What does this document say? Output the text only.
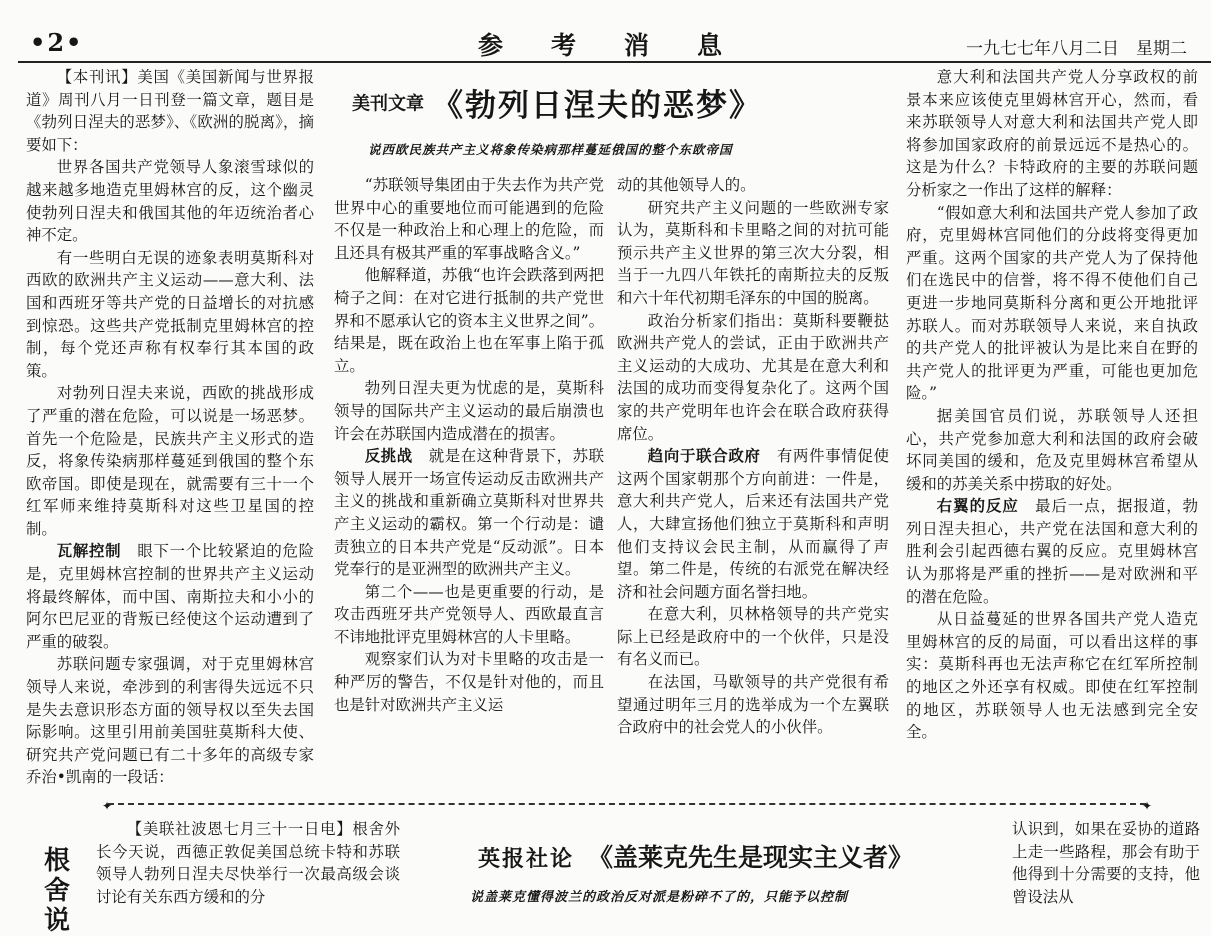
•2•	参考消息	一九七七年八月二日　星期二
美刊文章 《勃列日涅夫的恶梦》
说西欧民族共产主义将象传染病那样蔓延俄国的整个东欧帝国

【本刊讯】美国《美国新闻与世界报道》周刊八月一日刊登一篇文章，题目是《勃列日涅夫的恶梦》、《欧洲的脱离》，摘要如下：

世界各国共产党领导人象滚雪球似的越来越多地造克里姆林宫的反，这个幽灵使勃列日涅夫和俄国其他的年迈统治者心神不定。

有一些明白无误的迹象表明莫斯科对西欧的欧洲共产主义运动——意大利、法国和西班牙等共产党的日益增长的对抗感到惊恐。这些共产党抵制克里姆林宫的控制，每个党还声称有权奉行其本国的政策。

对勃列日涅夫来说，西欧的挑战形成了严重的潜在危险，可以说是一场恶梦。首先一个危险是，民族共产主义形式的造反，将象传染病那样蔓延到俄国的整个东欧帝国。即使是现在，就需要有三十一个红军师来维持莫斯科对这些卫星国的控制。

瓦解控制　 眼下一个比较紧迫的危险是，克里姆林宫控制的世界共产主义运动将最终解体，而中国、南斯拉夫和小小的阿尔巴尼亚的背叛已经使这个运动遭到了严重的破裂。

苏联问题专家强调，对于克里姆林宫领导人来说，牵涉到的利害得失远远不只是失去意识形态方面的领导权以至失去国际影响。这里引用前美国驻莫斯科大使、研究共产党问题已有二十多年的高级专家乔治•凯南的一段话：

“苏联领导集团由于失去作为共产党世界中心的重要地位而可能遇到的危险不仅是一种政治上和心理上的危险，而且还具有极其严重的军事战略含义。”

他解释道，苏俄“也许会跌落到两把椅子之间：在对它进行抵制的共产党世界和不愿承认它的资本主义世界之间”。结果是，既在政治上也在军事上陷于孤立。

勃列日涅夫更为忧虑的是，莫斯科领导的国际共产主义运动的最后崩溃也许会在苏联国内造成潜在的损害。

反挑战　 就是在这种背景下，苏联领导人展开一场宣传运动反击欧洲共产主义的挑战和重新确立莫斯科对世界共产主义运动的霸权。第一个行动是：谴责独立的日本共产党是“反动派”。日本党奉行的是亚洲型的欧洲共产主义。

第二个——也是更重要的行动，是攻击西班牙共产党领导人、西欧最直言不讳地批评克里姆林宫的人卡里略。

观察家们认为对卡里略的攻击是一种严厉的警告，不仅是针对他的，而且也是针对欧洲共产主义运

动的其他领导人的。

研究共产主义问题的一些欧洲专家认为，莫斯科和卡里略之间的对抗可能预示共产主义世界的第三次大分裂，相当于一九四八年铁托的南斯拉夫的反叛和六十年代初期毛泽东的中国的脱离。

政治分析家们指出：莫斯科要鞭挞欧洲共产党人的尝试，正由于欧洲共产主义运动的大成功、尤其是在意大利和法国的成功而变得复杂化了。这两个国家的共产党明年也许会在联合政府获得席位。

趋向于联合政府　 有两件事情促使这两个国家朝那个方向前进：一件是，意大利共产党人，后来还有法国共产党人，大肆宣扬他们独立于莫斯科和声明他们支持议会民主制，从而赢得了声望。第二件是，传统的右派党在解决经济和社会问题方面名誉扫地。

在意大利，贝林格领导的共产党实际上已经是政府中的一个伙伴，只是没有名义而已。

在法国，马歇领导的共产党很有希望通过明年三月的选举成为一个左翼联合政府中的社会党人的小伙伴。

意大利和法国共产党人分享政权的前景本来应该使克里姆林宫开心，然而，看来苏联领导人对意大利和法国共产党人即将参加国家政府的前景远远不是热心的。这是为什么？卡特政府的主要的苏联问题分析家之一作出了这样的解释：

“假如意大利和法国共产党人参加了政府，克里姆林宫同他们的分歧将变得更加严重。这两个国家的共产党人为了保持他们在选民中的信誉，将不得不使他们自己更进一步地同莫斯科分离和更公开地批评苏联人。而对苏联领导人来说，来自执政的共产党人的批评被认为是比来自在野的共产党人的批评更为严重，可能也更加危险。”

据美国官员们说，苏联领导人还担心，共产党参加意大利和法国的政府会破坏同美国的缓和，危及克里姆林宫希望从缓和的苏美关系中捞取的好处。

右翼的反应　 最后一点，据报道，勃列日涅夫担心，共产党在法国和意大利的胜利会引起西德右翼的反应。克里姆林宫认为那将是严重的挫折——是对欧洲和平的潜在危险。

从日益蔓延的世界各国共产党人造克里姆林宫的反的局面，可以看出这样的事实：莫斯科再也无法声称它在红军所控制的地区之外还享有权威。即使在红军控制的地区，苏联领导人也无法感到完全安全。

✦	✦
根舍说

【美联社波恩七月三十一日电】根舍外长今天说，西德正敦促美国总统卡特和苏联领导人勃列日涅夫尽快举行一次最高级会谈讨论有关东西方缓和的分

英报社论 《盖莱克先生是现实主义者》
说盖莱克懂得波兰的政治反对派是粉碎不了的，只能予以控制

认识到，如果在妥协的道路上走一些路程，那会有助于他得到十分需要的支持，他曾设法从
